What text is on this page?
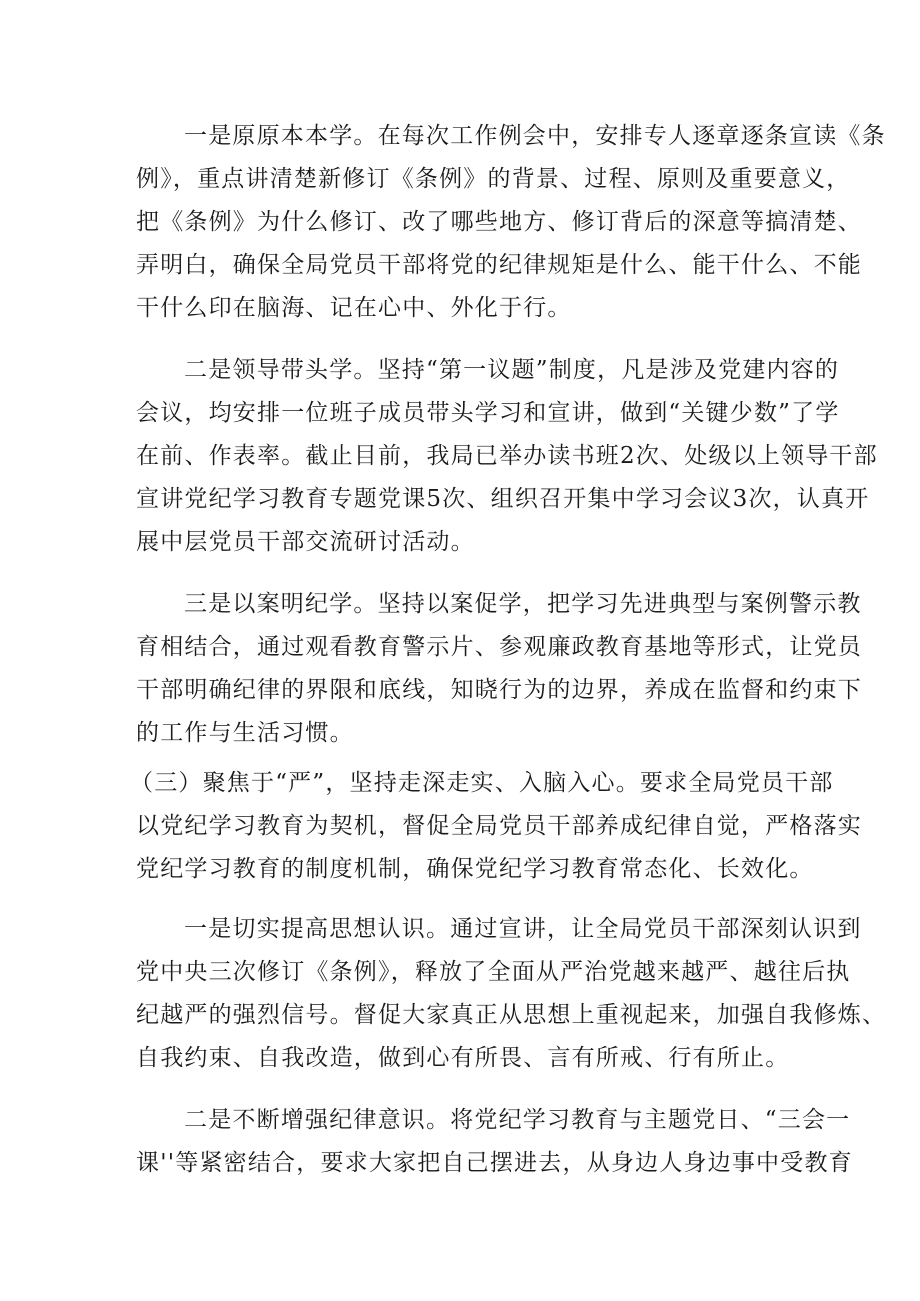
一是原原本本学。在每次工作例会中，安排专人逐章逐条宣读《条
例》，重点讲清楚新修订《条例》的背景、过程、原则及重要意义，
把《条例》为什么修订、改了哪些地方、修订背后的深意等搞清楚、
弄明白，确保全局党员干部将党的纪律规矩是什么、能干什么、不能
干什么印在脑海、记在心中、外化于行。
二是领导带头学。坚持“第一议题”制度，凡是涉及党建内容的
会议，均安排一位班子成员带头学习和宣讲，做到“关键少数”了学
在前、作表率。截止目前，我局已举办读书班2次、处级以上领导干部
宣讲党纪学习教育专题党课5次、组织召开集中学习会议3次，认真开
展中层党员干部交流研讨活动。
三是以案明纪学。坚持以案促学，把学习先进典型与案例警示教
育相结合，通过观看教育警示片、参观廉政教育基地等形式，让党员
干部明确纪律的界限和底线，知晓行为的边界，养成在监督和约束下
的工作与生活习惯。
（三）聚焦于“严”，坚持走深走实、入脑入心。要求全局党员干部
以党纪学习教育为契机，督促全局党员干部养成纪律自觉，严格落实
党纪学习教育的制度机制，确保党纪学习教育常态化、长效化。
一是切实提高思想认识。通过宣讲，让全局党员干部深刻认识到
党中央三次修订《条例》，释放了全面从严治党越来越严、越往后执
纪越严的强烈信号。督促大家真正从思想上重视起来，加强自我修炼、
自我约束、自我改造，做到心有所畏、言有所戒、行有所止。
二是不断增强纪律意识。将党纪学习教育与主题党日、“三会一
课''等紧密结合，要求大家把自己摆进去，从身边人身边事中受教育
